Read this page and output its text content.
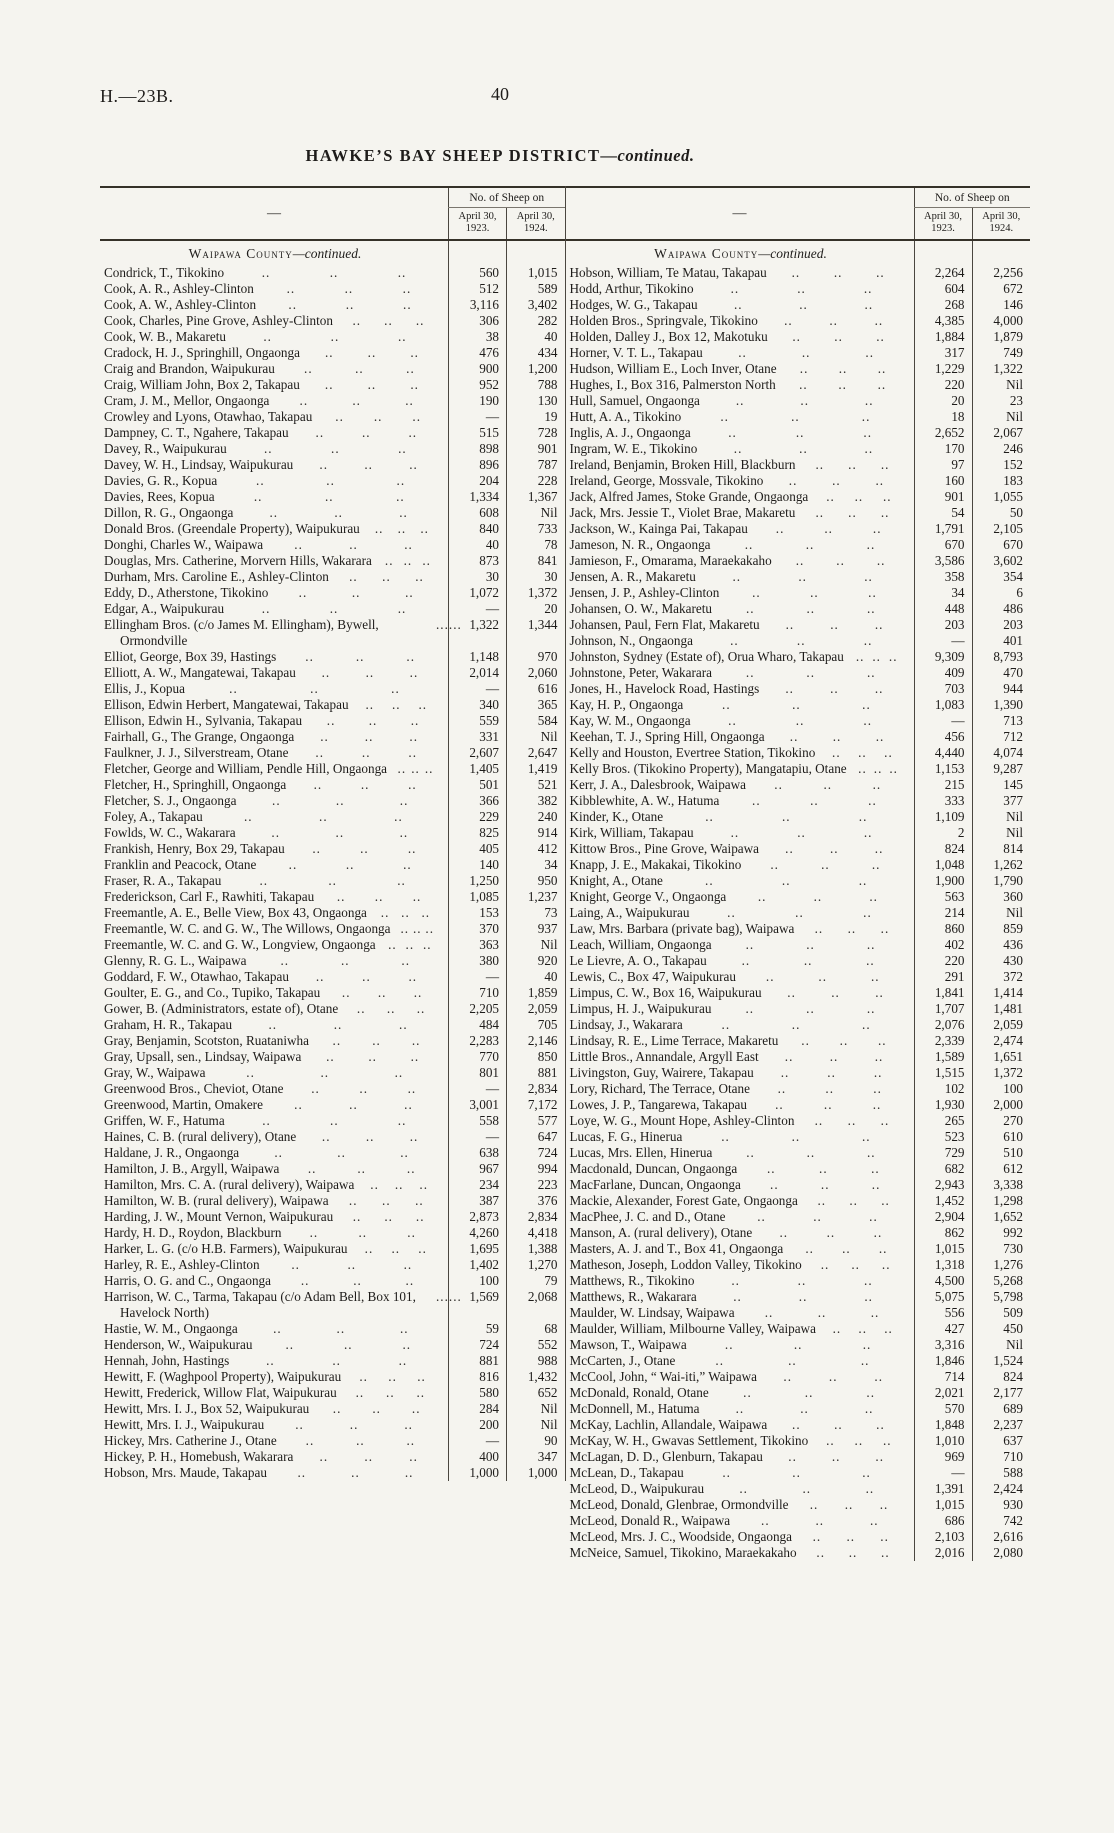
H.—23B.	40
HAWKE’S BAY SHEEP DISTRICT—continued.
—	No. of Sheep on	
	April 30,
1923.	April 30,
1924.

Waipawa County—continued.		

Condrick, T., Tikokino .. .. ..	560	1,015

Cook, A. R., Ashley-Clinton .. .. ..	512	589

Cook, A. W., Ashley-Clinton .. .. ..	3,116	3,402

Cook, Charles, Pine Grove, Ashley-Clinton .. .. ..	306	282

Cook, W. B., Makaretu .. .. ..	38	40

Cradock, H. J., Springhill, Ongaonga .. .. ..	476	434

Craig and Brandon, Waipukurau .. .. ..	900	1,200

Craig, William John, Box 2, Takapau .. .. ..	952	788

Cram, J. M., Mellor, Ongaonga .. .. ..	190	130

Crowley and Lyons, Otawhao, Takapau .. .. ..	—	19

Dampney, C. T., Ngahere, Takapau .. .. ..	515	728

Davey, R., Waipukurau .. .. ..	898	901

Davey, W. H., Lindsay, Waipukurau .. .. ..	896	787

Davies, G. R., Kopua .. .. ..	204	228

Davies, Rees, Kopua .. .. ..	1,334	1,367

Dillon, R. G., Ongaonga .. .. ..	608	Nil

Donald Bros. (Greendale Property), Waipukurau .. .. ..	840	733

Donghi, Charles W., Waipawa .. .. ..	40	78

Douglas, Mrs. Catherine, Morvern Hills, Wakarara .. .. ..	873	841

Durham, Mrs. Caroline E., Ashley-Clinton .. .. ..	30	30

Eddy, D., Atherstone, Tikokino .. .. ..	1,072	1,372

Edgar, A., Waipukurau .. .. ..	—	20

Ellingham Bros. (c/o James M. Ellingham), Bywell, Ormondville
.. .. ..	1,322	1,344

Elliot, George, Box 39, Hastings .. .. ..	1,148	970

Elliott, A. W., Mangatewai, Takapau .. .. ..	2,014	2,060

Ellis, J., Kopua .. .. ..	—	616

Ellison, Edwin Herbert, Mangatewai, Takapau .. .. ..	340	365

Ellison, Edwin H., Sylvania, Takapau .. .. ..	559	584

Fairhall, G., The Grange, Ongaonga .. .. ..	331	Nil

Faulkner, J. J., Silverstream, Otane .. .. ..	2,607	2,647

Fletcher, George and William, Pendle Hill, Ongaonga .. .. ..	1,405	1,419

Fletcher, H., Springhill, Ongaonga .. .. ..	501	521

Fletcher, S. J., Ongaonga .. .. ..	366	382

Foley, A., Takapau .. .. ..	229	240

Fowlds, W. C., Wakarara .. .. ..	825	914

Frankish, Henry, Box 29, Takapau .. .. ..	405	412

Franklin and Peacock, Otane .. .. ..	140	34

Fraser, R. A., Takapau .. .. ..	1,250	950

Frederickson, Carl F., Rawhiti, Takapau .. .. ..	1,085	1,237

Freemantle, A. E., Belle View, Box 43, Ongaonga .. .. ..	153	73

Freemantle, W. C. and G. W., The Willows, Ongaonga .. .. ..	370	937

Freemantle, W. C. and G. W., Longview, Ongaonga .. .. ..	363	Nil

Glenny, R. G. L., Waipawa .. .. ..	380	920

Goddard, F. W., Otawhao, Takapau .. .. ..	—	40

Goulter, E. G., and Co., Tupiko, Takapau .. .. ..	710	1,859

Gower, B. (Administrators, estate of), Otane .. .. ..	2,205	2,059

Graham, H. R., Takapau .. .. ..	484	705

Gray, Benjamin, Scotston, Ruataniwha .. .. ..	2,283	2,146

Gray, Upsall, sen., Lindsay, Waipawa .. .. ..	770	850

Gray, W., Waipawa .. .. ..	801	881

Greenwood Bros., Cheviot, Otane .. .. ..	—	2,834

Greenwood, Martin, Omakere .. .. ..	3,001	7,172

Griffen, W. F., Hatuma .. .. ..	558	577

Haines, C. B. (rural delivery), Otane .. .. ..	—	647

Haldane, J. R., Ongaonga .. .. ..	638	724

Hamilton, J. B., Argyll, Waipawa .. .. ..	967	994

Hamilton, Mrs. C. A. (rural delivery), Waipawa .. .. ..	234	223

Hamilton, W. B. (rural delivery), Waipawa .. .. ..	387	376

Harding, J. W., Mount Vernon, Waipukurau .. .. ..	2,873	2,834

Hardy, H. D., Roydon, Blackburn .. .. ..	4,260	4,418

Harker, L. G. (c/o H.B. Farmers), Waipukurau .. .. ..	1,695	1,388

Harley, R. E., Ashley-Clinton .. .. ..	1,402	1,270

Harris, O. G. and C., Ongaonga .. .. ..	100	79

Harrison, W. C., Tarma, Takapau (c/o Adam Bell, Box 101, Havelock North)
.. .. ..	1,569	2,068

Hastie, W. M., Ongaonga .. .. ..	59	68

Henderson, W., Waipukurau .. .. ..	724	552

Hennah, John, Hastings .. .. ..	881	988

Hewitt, F. (Waghpool Property), Waipukurau .. .. ..	816	1,432

Hewitt, Frederick, Willow Flat, Waipukurau .. .. ..	580	652

Hewitt, Mrs. I. J., Box 52, Waipukurau .. .. ..	284	Nil

Hewitt, Mrs. I. J., Waipukurau .. .. ..	200	Nil

Hickey, Mrs. Catherine J., Otane .. .. ..	—	90

Hickey, P. H., Homebush, Wakarara .. .. ..	400	347

Hobson, Mrs. Maude, Takapau .. .. ..	1,000	1,000
—	No. of Sheep on	
	April 30,
1923.	April 30,
1924.

Waipawa County—continued.		

Hobson, William, Te Matau, Takapau .. .. ..	2,264	2,256

Hodd, Arthur, Tikokino .. .. ..	604	672

Hodges, W. G., Takapau .. .. ..	268	146

Holden Bros., Springvale, Tikokino .. .. ..	4,385	4,000

Holden, Dalley J., Box 12, Makotuku .. .. ..	1,884	1,879

Horner, V. T. L., Takapau .. .. ..	317	749

Hudson, William E., Loch Inver, Otane .. .. ..	1,229	1,322

Hughes, I., Box 316, Palmerston North .. .. ..	220	Nil

Hull, Samuel, Ongaonga .. .. ..	20	23

Hutt, A. A., Tikokino .. .. ..	18	Nil

Inglis, A. J., Ongaonga .. .. ..	2,652	2,067

Ingram, W. E., Tikokino .. .. ..	170	246

Ireland, Benjamin, Broken Hill, Blackburn .. .. ..	97	152

Ireland, George, Mossvale, Tikokino .. .. ..	160	183

Jack, Alfred James, Stoke Grande, Ongaonga .. .. ..	901	1,055

Jack, Mrs. Jessie T., Violet Brae, Makaretu .. .. ..	54	50

Jackson, W., Kainga Pai, Takapau .. .. ..	1,791	2,105

Jameson, N. R., Ongaonga .. .. ..	670	670

Jamieson, F., Omarama, Maraekakaho .. .. ..	3,586	3,602

Jensen, A. R., Makaretu .. .. ..	358	354

Jensen, J. P., Ashley-Clinton .. .. ..	34	6

Johansen, O. W., Makaretu .. .. ..	448	486

Johansen, Paul, Fern Flat, Makaretu .. .. ..	203	203

Johnson, N., Ongaonga .. .. ..	—	401

Johnston, Sydney (Estate of), Orua Wharo, Takapau .. .. ..	9,309	8,793

Johnstone, Peter, Wakarara .. .. ..	409	470

Jones, H., Havelock Road, Hastings .. .. ..	703	944

Kay, H. P., Ongaonga .. .. ..	1,083	1,390

Kay, W. M., Ongaonga .. .. ..	—	713

Keehan, T. J., Spring Hill, Ongaonga .. .. ..	456	712

Kelly and Houston, Evertree Station, Tikokino .. .. ..	4,440	4,074

Kelly Bros. (Tikokino Property), Mangatapiu, Otane .. .. ..	1,153	9,287

Kerr, J. A., Dalesbrook, Waipawa .. .. ..	215	145

Kibblewhite, A. W., Hatuma .. .. ..	333	377

Kinder, K., Otane .. .. ..	1,109	Nil

Kirk, William, Takapau .. .. ..	2	Nil

Kittow Bros., Pine Grove, Waipawa .. .. ..	824	814

Knapp, J. E., Makakai, Tikokino .. .. ..	1,048	1,262

Knight, A., Otane .. .. ..	1,900	1,790

Knight, George V., Ongaonga .. .. ..	563	360

Laing, A., Waipukurau .. .. ..	214	Nil

Law, Mrs. Barbara (private bag), Waipawa .. .. ..	860	859

Leach, William, Ongaonga .. .. ..	402	436

Le Lievre, A. O., Takapau .. .. ..	220	430

Lewis, C., Box 47, Waipukurau .. .. ..	291	372

Limpus, C. W., Box 16, Waipukurau .. .. ..	1,841	1,414

Limpus, H. J., Waipukurau .. .. ..	1,707	1,481

Lindsay, J., Wakarara .. .. ..	2,076	2,059

Lindsay, R. E., Lime Terrace, Makaretu .. .. ..	2,339	2,474

Little Bros., Annandale, Argyll East .. .. ..	1,589	1,651

Livingston, Guy, Wairere, Takapau .. .. ..	1,515	1,372

Lory, Richard, The Terrace, Otane .. .. ..	102	100

Lowes, J. P., Tangarewa, Takapau .. .. ..	1,930	2,000

Loye, W. G., Mount Hope, Ashley-Clinton .. .. ..	265	270

Lucas, F. G., Hinerua .. .. ..	523	610

Lucas, Mrs. Ellen, Hinerua .. .. ..	729	510

Macdonald, Duncan, Ongaonga .. .. ..	682	612

MacFarlane, Duncan, Ongaonga .. .. ..	2,943	3,338

Mackie, Alexander, Forest Gate, Ongaonga .. .. ..	1,452	1,298

MacPhee, J. C. and D., Otane .. .. ..	2,904	1,652

Manson, A. (rural delivery), Otane .. .. ..	862	992

Masters, A. J. and T., Box 41, Ongaonga .. .. ..	1,015	730

Matheson, Joseph, Loddon Valley, Tikokino .. .. ..	1,318	1,276

Matthews, R., Tikokino .. .. ..	4,500	5,268

Matthews, R., Wakarara .. .. ..	5,075	5,798

Maulder, W. Lindsay, Waipawa .. .. ..	556	509

Maulder, William, Milbourne Valley, Waipawa .. .. ..	427	450

Mawson, T., Waipawa .. .. ..	3,316	Nil

McCarten, J., Otane .. .. ..	1,846	1,524

McCool, John, “ Wai-iti,” Waipawa .. .. ..	714	824

McDonald, Ronald, Otane .. .. ..	2,021	2,177

McDonnell, M., Hatuma .. .. ..	570	689

McKay, Lachlin, Allandale, Waipawa .. .. ..	1,848	2,237

McKay, W. H., Gwavas Settlement, Tikokino .. .. ..	1,010	637

McLagan, D. D., Glenburn, Takapau .. .. ..	969	710

McLean, D., Takapau .. .. ..	—	588

McLeod, D., Waipukurau .. .. ..	1,391	2,424

McLeod, Donald, Glenbrae, Ormondville .. .. ..	1,015	930

McLeod, Donald R., Waipawa .. .. ..	686	742

McLeod, Mrs. J. C., Woodside, Ongaonga .. .. ..	2,103	2,616

McNeice, Samuel, Tikokino, Maraekakaho .. .. ..	2,016	2,080
